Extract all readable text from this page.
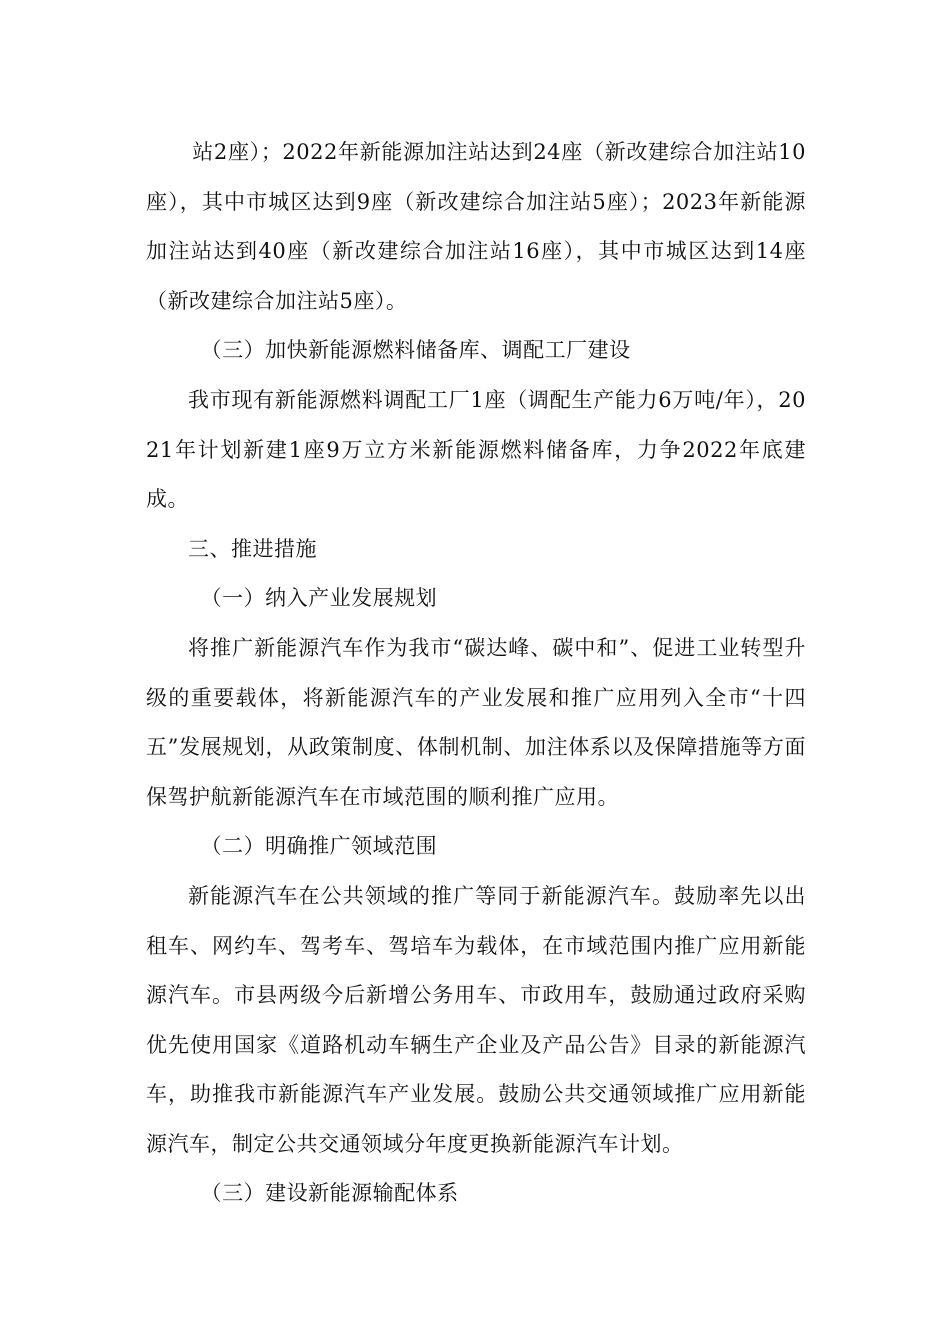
站2座）；2022年新能源加注站达到24座（新改建综合加注站10座），其中市城区达到9座（新改建综合加注站5座）；2023年新能源加注站达到40座（新改建综合加注站16座），其中市城区达到14座（新改建综合加注站5座）。

（三）加快新能源燃料储备库、调配工厂建设

我市现有新能源燃料调配工厂1座（调配生产能力6万吨/年），2021年计划新建1座9万立方米新能源燃料储备库，力争2022年底建成。

三、推进措施

（一）纳入产业发展规划

将推广新能源汽车作为我市“碳达峰、碳中和”、促进工业转型升级的重要载体，将新能源汽车的产业发展和推广应用列入全市“十四五”发展规划，从政策制度、体制机制、加注体系以及保障措施等方面保驾护航新能源汽车在市域范围的顺利推广应用。

（二）明确推广领域范围

新能源汽车在公共领域的推广等同于新能源汽车。鼓励率先以出租车、网约车、驾考车、驾培车为载体，在市域范围内推广应用新能源汽车。市县两级今后新增公务用车、市政用车，鼓励通过政府采购优先使用国家《道路机动车辆生产企业及产品公告》目录的新能源汽车，助推我市新能源汽车产业发展。鼓励公共交通领域推广应用新能源汽车，制定公共交通领域分年度更换新能源汽车计划。

（三）建设新能源输配体系
